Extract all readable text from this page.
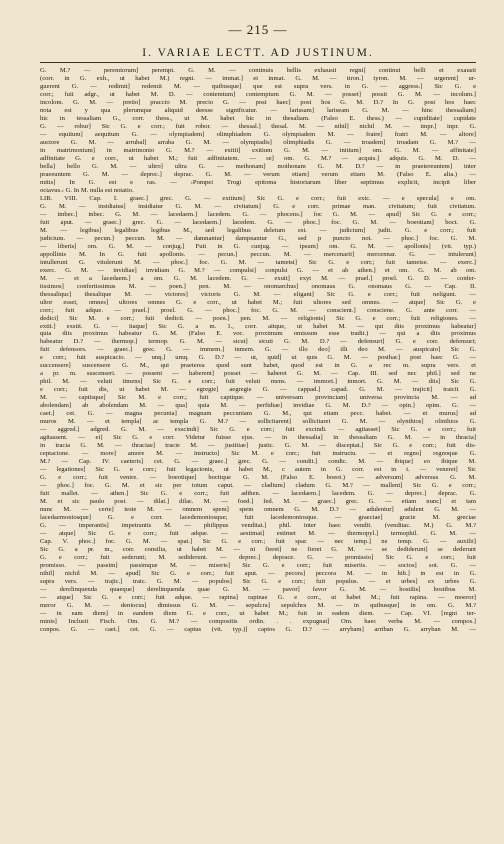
— 215 —
I. VARIAE LECTT. AD JUSTINUM.
G. M.? — peremtorum] perempt. G. M. — continuis bellis exhausti regni] continui belli et exausti
(corr. in G. exh., ut habet M.) regni. — immat.] et inmat. G. M. — tiron.] tyron. M. — urgerent] ur-
guerent G. — redimit] redemit M. — quibusque] que est supra vers. in G. — aggress.] Sic G. e
corr.; fuit adgr., ut habet M. D. — contemtum] contemptum G. M. — posset] possit G. M. — incolum.]
incolom. G. M. — pretio] praccio M. precio G. — post haec] post hos G. M. D.? In G. post hos haec
nota est y qua plerumque aliquid deesse significatur. — larissam] lariseam G. M. — hinc thessaliam]
hic in tessaliam G., corr. thess., ut M. habet hic in thesaliam. (Falso E. thess.) — cupiditate] cupidate
G. — robur] Sic G. e corr.; fuit robor. — thessal.] thesal. M. — nihil] nichil M. — impr.] inpr. G.
— equitum] aequitum G. — olympiadem] olimphiadem G. olympiadem M. — fratre] fratri M. — altore]
auctore G. M. — arrubal] arraba G. M. — olympiadis] olimphiadis G. — troadem] troadam G. M.? —
in matrimonium] in matrimonio G. M.? — exitii] exitium G. M. — initium] om. G. M. — affinitate]
adfinitate G. e corr., ut habet M.; fuit adfinitatem. — se] om. G. M.? — acquis.] adquis. G. M. D. —
bella] bello G. M. — ultro] ultra G. — methonam] mothonam G. M. D.? — in praetereuntem] inter
praeeuntem G. M. — deprec.] deprac. G. M. — verum etiam] verum etiam M. (Falso E. alia.) —
mitis] In G. est e ras. — ›Pompei Trogi epitoma historiarum liber septimus explicit, incipit liber
octavus.‹ G. In M. nulla est notatio.
LIB. VIII. Cap. I. graec.] grec. G. — exitium] Sic G. e corr.; fuit exic. — e specula] e om.
G. M. — insidiatus] insidiatur G. M. — civitatum] G. e corr. primae man. civitatum; fuit civitatum.
— imbec.] inbec. G. M. — lacedaem.] lacedem. G. — phocens.] foc G. M. — apud] Sic G. e corr.;
fuit aput. — graec.] grec. G. — lacedaem.] lacedem. G. — phoc.] foc. G. M. — boeotiam] boct. G.
M. — legibus] legalibus legibus M., sed legalibus deletum est. — judicium] judit. G. e corr.; fuit
judicium. — pecun.] peccun. M. — damnantur] dampnantur G., sed p puncto not. — phoc.] foc. G. M.
— liberis] om. G. M. — conjug.] Fuit in G. cunjug. — ipsum] om. G. M. — apollonis] (vit. typ.)
appollinis M. In G. fuit apollonis. — pecun.] peccun. M. — mercenarii] mercennar. G. — intulerunt]
intullerunt G. vitulerunt M. — phoc.] foc. G. M. — tametsi] Sic G. e corr.; fuit tametse. — exerc.]
exerc. G. M. — invidiae] invidiam G. M.? — compulsi] conpulsi G. — et ab athen.] et om. G. M. ab om.
M. — et a lacedaem.] a om. G. M. lacedem. G. — exuit] exyt M. — prael.] proel. G. D. — confer-
tissimos] confertissimus M. — poen.] pen. M. — onomarchus] onomaus G. onomaus G. — Cap. II.
thessaliquc] thesalique M. — victores] victoris G. M. — eligant] Sic G. e corr.; fuit neligunt. —
ultor esset, omnes] ultores omnes G. e corr., ut habet M.; fuit ultores sed omnes. — atque] Sic G. e
corr.; fuit adque. — prael.] proel. G. — phoc.] foc. G. M. — conscient.] consciene. G. ante corr. —
dedici] Sic M. e corr.; fuit dedicti. — poen.] pen. M. — religionis] Sic G. e corr.; fuit religiones. —
extit.] exstit. G. — itaque] Sic G. a m. 1., corr. aitque, ut habet M. — qui diis proximus habeatur]
quia diis proximus habeatur G. M. (Falso E. voc. proximum omissum esse tradit.) — qui a diis proximus
habeatur D.? — thermop.] termop. G. M. — sicut] sicuti G. M. D.? — defensuri] G. e corr. defensuri;
fuit defensors. — graec.] grec. G. — immem.] inmem. G. — illo deo] illi deo M. — auspicato] Sic G.
e corr.; fuit auspicacio. — unq.] umq. G. D.? — ut, quid] ut quis G. M. — posthac] post haec G. —
succensere] suscensere G. M., qui praeterea quod sunt habet, quod est in G. a rec m. supra vers. et
a pr. m. suscenseri. — possent — haberent] posset — haberet G. M. — Cap. III. sed nec phil.] sed ne
phil. M. — veluti timens] Sic G. e corr.; fuit veluti mens. — immort.] inmort. G. M. — diis] Sic G.
e corr.; fuit dis, ut habet M. — egregie] aegregie G. — cappad.] capad. G. M. — trajicit] traicit G.
M. — captisque] Sic M. e corr.; fuit captique. — universam provinciam] universa provincia M. — ad
abolendam] ab abolendam M. — qua] quia M. — perfidiae] invidiae G. M. D.? — opin.] opim. G. —
caet.] cet. G. — magna pecunia] magnam peccuniam G. M., qui etiam pecc. habet. — et murus] ad
muros M. — et templa] ac templa G. M.? — sollicitarent] sollicitaret G. M. — olynthios] olinthios G.
— aggred.] adgred. G. M. — exscindi] Sic G. e corr.; fuit excindi. — agitasset] Sic G. e corr.; fuit
agitassent. — ei] Sic G. e corr. Videtur fuisse ejus. — in thessalia] in thessaliam G. M. — in thracia]
in tracia G. M. — thraciae] tracie M. — justitiae] justic. G. M. — disceptat.] Sic G. e corr.; fuit dis-
ceptacione. — more] amore M. — instructo] Sic M. e corr.; fuit instructu. — et regno] regnoque G.
M.? — Cap. IV. caeteris] cet. G. — graec.] grec. G. — condit.] condic. M. — ibique] eo ibique M.
— legationes] Sic G. e corr.; fuit legacionis, ut habet M., c autem in G. corr. est in t. — veneret] Sic
G. e corr.; fuit venire. — boeotique] boctique G. M. (Falso E. boeot.) — adversum] adversus G. M.
— phoc.] foc. G. M. et sic per totum caput. — cladium] cladum G. M.? — mallent] Sic G. e corr.;
fuit mallet. — athen.] Sic G. e corr.; fuit adthen. — lacedaem.] lacedem. G. — deprec.] deprac. G.
M. et sic paulo post. — dilat.] dilac. M. — foed.] fed. M. — graec.] grec. G. — etiam nunc] et tam
nunc M. — certe] teste M. — omnem spem] spem omnem G. M. D.? — adulentur] adulent G. M. —
lacedaemoniosque] G. e corr. lacedemoniosque; fuit lacedemoniosque. — graeciae] gracie M. greciae
G. — imperantis] impetrantis M. — philippus venditat.] phil. inter haec vendit. (venditac. M.) G. M.?
— atque] Sic G. e corr.; fuit adque. — aestimat] estimet M. — thermopyl.] termophil. G. M. —
Cap. V. phoc.] foc. G. M. — spat.] Sic G. e corr.; fuit spac — nec temp.] ne temp. G. — auxilii]
Sic G. a pr. m., corr. consilia, ut habet M. — ni fieret] ne fieret G. M. — se dediderunt] se dederunt
G. e corr.; fuit sederunt; M. sediderunt. — deprec.] deprace. G. — promissio] Sic G. e corr.; fuit
promisso. — passim] passimque M. — miseris] Sic G. e corr.; fuit miseriis. — socios] sot. G. —
nihil] nichil M. — apud] Sic G. e corr.; fuit aput. — pecora] peccora M. — in hib.] in est in G.
supra vers. — trajic.] traic. G. M. — populos] Sic G. e corr.; fuit populus. — et urbes] ex urbes G.
— derelinquenda quaeque] derelinquenda quae G. M. — pavor] favor G. M. — hostilis] hostibus M.
— atque] Sic G. e corr.; fuit adque. — rapina] rapinae G. e corr., ut habet M.; fuit rapina. — moeror]
meror G. M. — deniocus] dimissus G. M. — sepulcra] sepulchra M. — in quibusque] in om. G. M.?
— in eam diem] in eandem diem G. e corr., ut habet M.; fuit in eadem diem. — Cap. VI. [regni ter-
minis] Inclusit Fisch. Om. G. M.? — compositis ordin. . . expugnat] Om. haec verba M. — compos.]
conpos. G. — caet.] cet. G. — captus (vit. typ.)] captos G. D.? — arrybam] arriban G. arryban M. —
